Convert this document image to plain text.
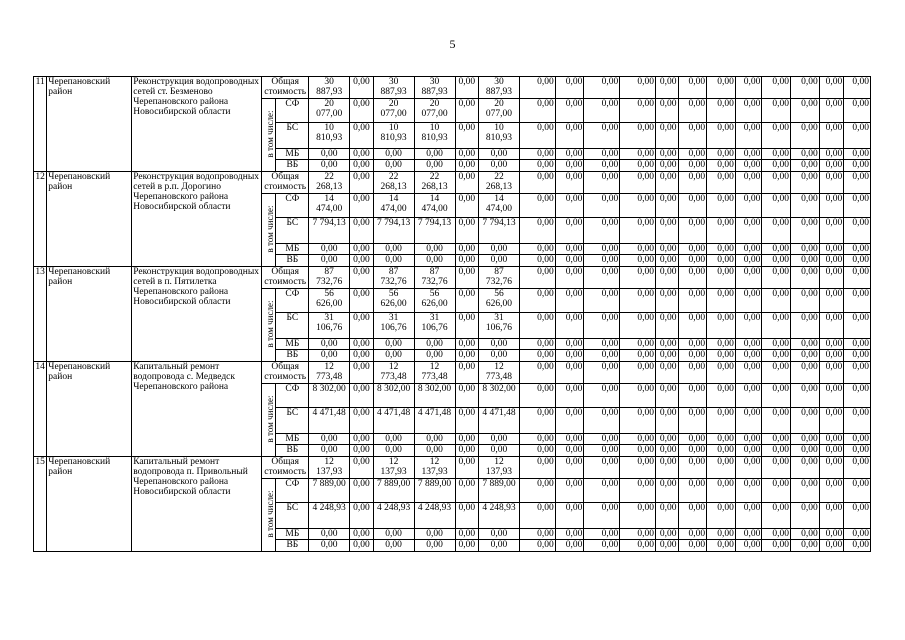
5
11	Черепановский район	Реконструкция водопроводных сетей ст. Безменово Черепановского района Новосибирской области	Общая стоимость		30 887,93	0,00	30 887,93	30 887,93	0,00	30 887,93	0,00	0,00	0,00	0,00	0,00	0,00	0,00	0,00	0,00	0,00	0,00	0,00

			в том числе:	СФ	20 077,00	0,00	20 077,00	20 077,00	0,00	20 077,00	0,00	0,00	0,00	0,00	0,00	0,00	0,00	0,00	0,00	0,00	0,00	0,00
				БС	10 810,93	0,00	10 810,93	10 810,93	0,00	10 810,93	0,00	0,00	0,00	0,00	0,00	0,00	0,00	0,00	0,00	0,00	0,00	0,00
				МБ	0,00	0,00	0,00	0,00	0,00	0,00	0,00	0,00	0,00	0,00	0,00	0,00	0,00	0,00	0,00	0,00	0,00	0,00
				ВБ	0,00	0,00	0,00	0,00	0,00	0,00	0,00	0,00	0,00	0,00	0,00	0,00	0,00	0,00	0,00	0,00	0,00	0,00
12	Черепановский район	Реконструкция водопроводных сетей в р.п. Дорогино Черепановского района Новосибирской области	Общая стоимость		22 268,13	0,00	22 268,13	22 268,13	0,00	22 268,13	0,00	0,00	0,00	0,00	0,00	0,00	0,00	0,00	0,00	0,00	0,00	0,00

			в том числе:	СФ	14 474,00	0,00	14 474,00	14 474,00	0,00	14 474,00	0,00	0,00	0,00	0,00	0,00	0,00	0,00	0,00	0,00	0,00	0,00	0,00
				БС	7 794,13	0,00	7 794,13	7 794,13	0,00	7 794,13	0,00	0,00	0,00	0,00	0,00	0,00	0,00	0,00	0,00	0,00	0,00	0,00
				МБ	0,00	0,00	0,00	0,00	0,00	0,00	0,00	0,00	0,00	0,00	0,00	0,00	0,00	0,00	0,00	0,00	0,00	0,00
				ВБ	0,00	0,00	0,00	0,00	0,00	0,00	0,00	0,00	0,00	0,00	0,00	0,00	0,00	0,00	0,00	0,00	0,00	0,00
13	Черепановский район	Реконструкция водопроводных сетей в п. Пятилетка Черепановского района Новосибирской области	Общая стоимость		87 732,76	0,00	87 732,76	87 732,76	0,00	87 732,76	0,00	0,00	0,00	0,00	0,00	0,00	0,00	0,00	0,00	0,00	0,00	0,00

			в том числе:	СФ	56 626,00	0,00	56 626,00	56 626,00	0,00	56 626,00	0,00	0,00	0,00	0,00	0,00	0,00	0,00	0,00	0,00	0,00	0,00	0,00
				БС	31 106,76	0,00	31 106,76	31 106,76	0,00	31 106,76	0,00	0,00	0,00	0,00	0,00	0,00	0,00	0,00	0,00	0,00	0,00	0,00
				МБ	0,00	0,00	0,00	0,00	0,00	0,00	0,00	0,00	0,00	0,00	0,00	0,00	0,00	0,00	0,00	0,00	0,00	0,00
				ВБ	0,00	0,00	0,00	0,00	0,00	0,00	0,00	0,00	0,00	0,00	0,00	0,00	0,00	0,00	0,00	0,00	0,00	0,00
14	Черепановский район	Капитальный ремонт водопровода с. Медведск Черепановского района	Общая стоимость		12 773,48	0,00	12 773,48	12 773,48	0,00	12 773,48	0,00	0,00	0,00	0,00	0,00	0,00	0,00	0,00	0,00	0,00	0,00	0,00

			в том числе:	СФ	8 302,00	0,00	8 302,00	8 302,00	0,00	8 302,00	0,00	0,00	0,00	0,00	0,00	0,00	0,00	0,00	0,00	0,00	0,00	0,00
				БС	4 471,48	0,00	4 471,48	4 471,48	0,00	4 471,48	0,00	0,00	0,00	0,00	0,00	0,00	0,00	0,00	0,00	0,00	0,00	0,00
				МБ	0,00	0,00	0,00	0,00	0,00	0,00	0,00	0,00	0,00	0,00	0,00	0,00	0,00	0,00	0,00	0,00	0,00	0,00
				ВБ	0,00	0,00	0,00	0,00	0,00	0,00	0,00	0,00	0,00	0,00	0,00	0,00	0,00	0,00	0,00	0,00	0,00	0,00
15	Черепановский район	Капитальный ремонт водопровода п. Привольный Черепановского района Новосибирской области	Общая стоимость		12 137,93	0,00	12 137,93	12 137,93	0,00	12 137,93	0,00	0,00	0,00	0,00	0,00	0,00	0,00	0,00	0,00	0,00	0,00	0,00

			в том числе:	СФ	7 889,00	0,00	7 889,00	7 889,00	0,00	7 889,00	0,00	0,00	0,00	0,00	0,00	0,00	0,00	0,00	0,00	0,00	0,00	0,00
				БС	4 248,93	0,00	4 248,93	4 248,93	0,00	4 248,93	0,00	0,00	0,00	0,00	0,00	0,00	0,00	0,00	0,00	0,00	0,00	0,00
				МБ	0,00	0,00	0,00	0,00	0,00	0,00	0,00	0,00	0,00	0,00	0,00	0,00	0,00	0,00	0,00	0,00	0,00	0,00
				ВБ	0,00	0,00	0,00	0,00	0,00	0,00	0,00	0,00	0,00	0,00	0,00	0,00	0,00	0,00	0,00	0,00	0,00	0,00
